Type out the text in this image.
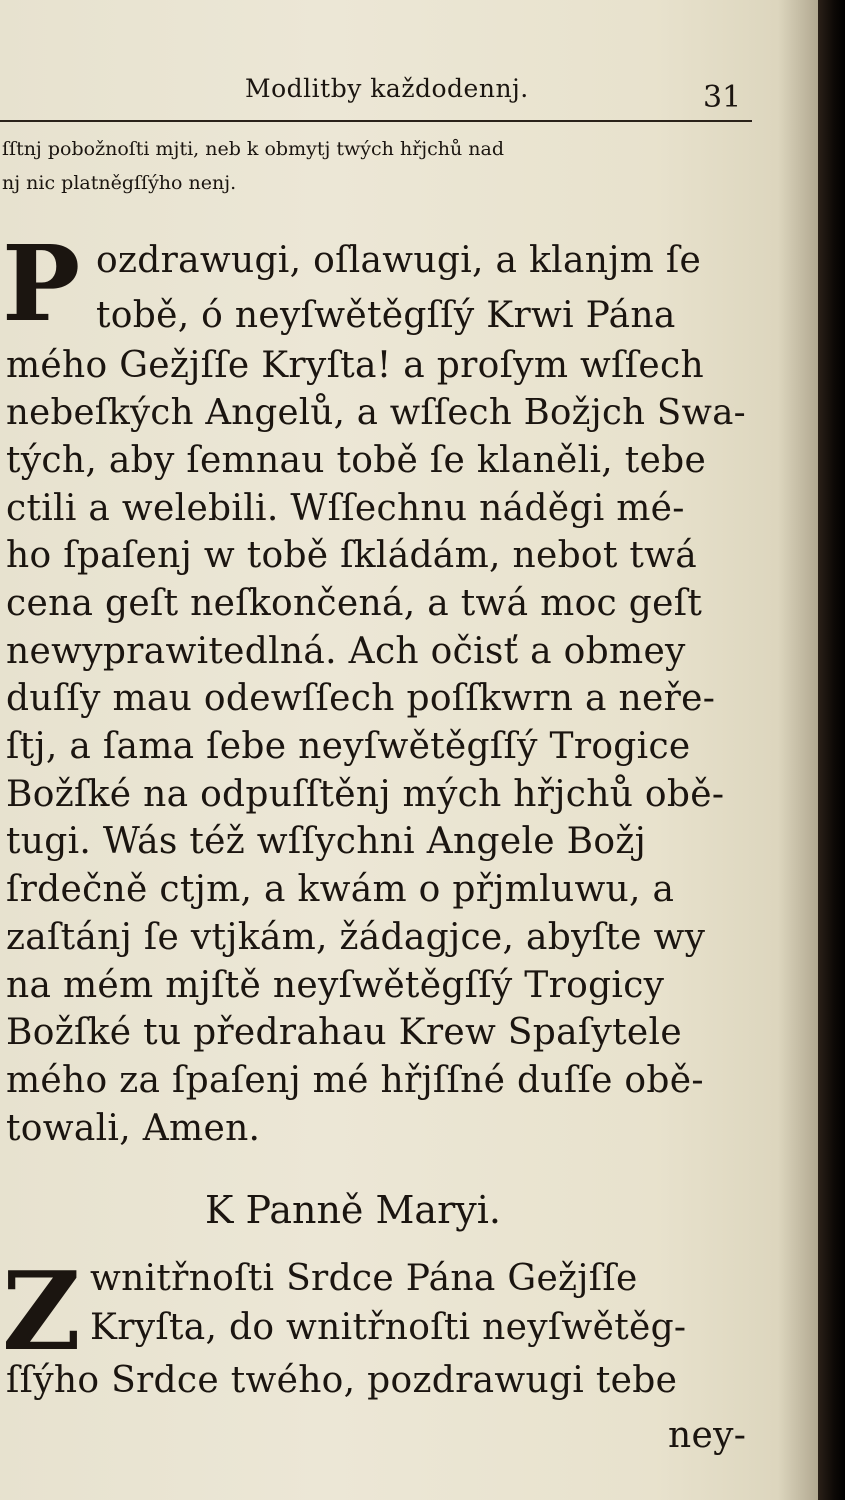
Modlitby každodennj.	31
ſſtnj pobožnoſti mjti, neb k obmytj twých hřjchů nad
nj nic platněgſſýho nenj.
P ozdrawugi, oſlawugi, a klanjm ſe
tobě, ó neyſwětěgſſý Krwi Pána
mého Gežjſſe Kryſta! a proſym wſſech
nebeſkých Angelů, a wſſech Božjch Swa-
tých, aby ſemnau tobě ſe klaněli, tebe
ctili a welebili. Wſſechnu náděgi mé-
ho ſpaſenj w tobě ſkládám, nebot twá
cena geſt neſkončená, a twá moc geſt
newyprawitedlná. Ach očisť a obmey
duſſy mau odewſſech poſſkwrn a neře-
ſtj, a ſama ſebe neyſwětěgſſý Trogice
Božſké na odpuſſtěnj mých hřjchů obě-
tugi. Wás též wſſychni Angele Božj
ſrdečně ctjm, a kwám o přjmluwu, a
zaſtánj ſe vtjkám, žádagjce, abyſte wy
na mém mjſtě neyſwětěgſſý Trogicy
Božſké tu předrahau Krew Spaſytele
mého za ſpaſenj mé hřjſſné duſſe obě-
towali, Amen.
K Panně Maryi.
Z wnitřnoſti Srdce Pána Gežjſſe
Kryſta, do wnitřnoſti neyſwětěg-
ſſýho Srdce twého, pozdrawugi tebe
ney-
